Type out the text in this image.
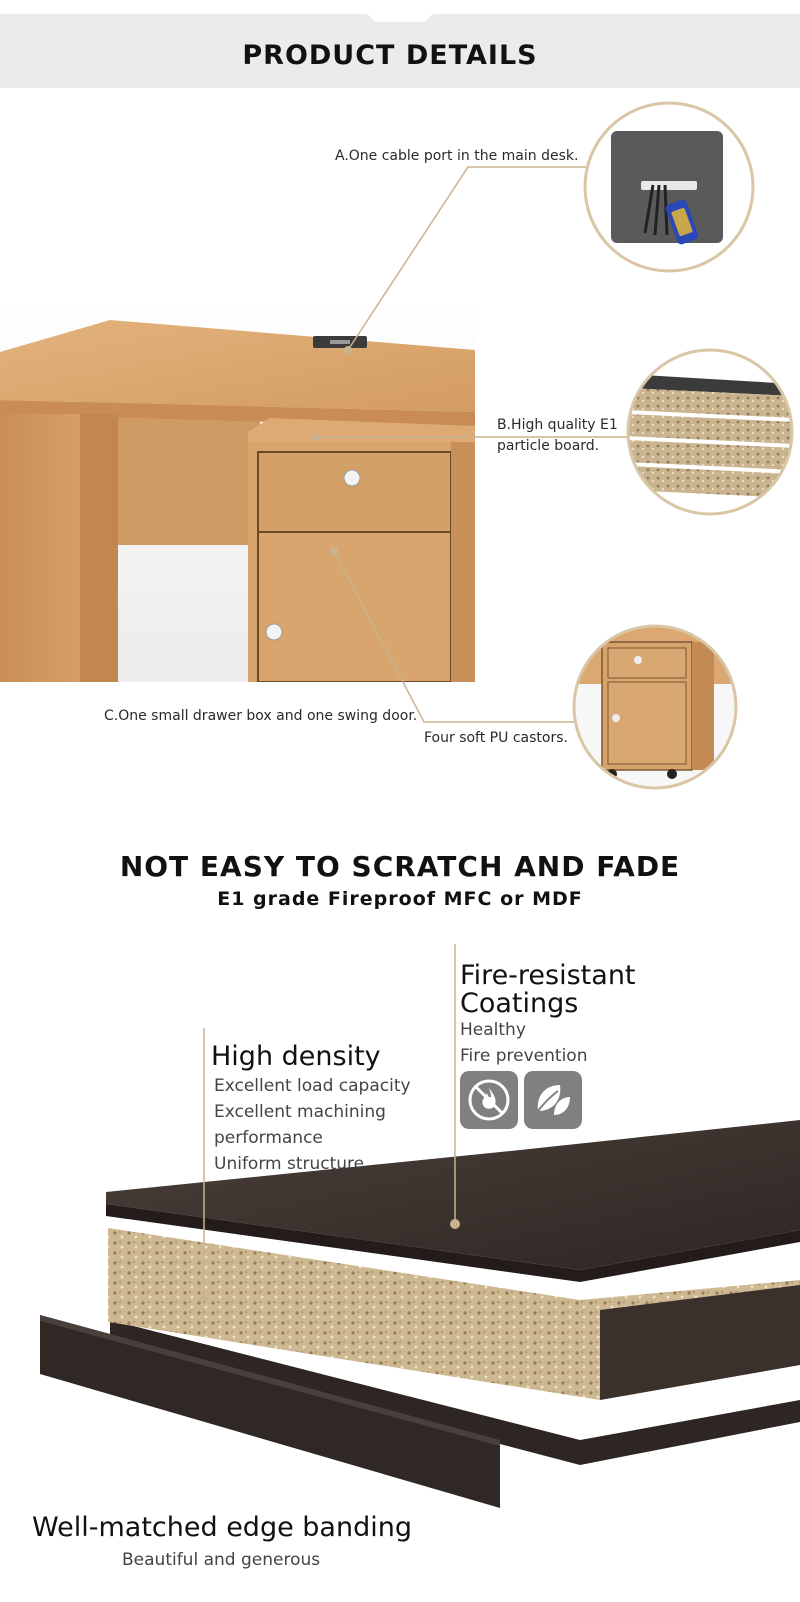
PRODUCT DETAILS
A.One cable port in the main desk.
B.High quality E1
particle board.
C.One small drawer box and one swing door.
Four soft PU castors.
NOT EASY TO SCRATCH AND FADE
E1 grade Fireproof MFC or MDF
Fire-resistant
Coatings
Healthy
Fire prevention
High density
Excellent load capacity
Excellent machining
performance
Uniform structure
Well-matched edge banding
Beautiful and generous
